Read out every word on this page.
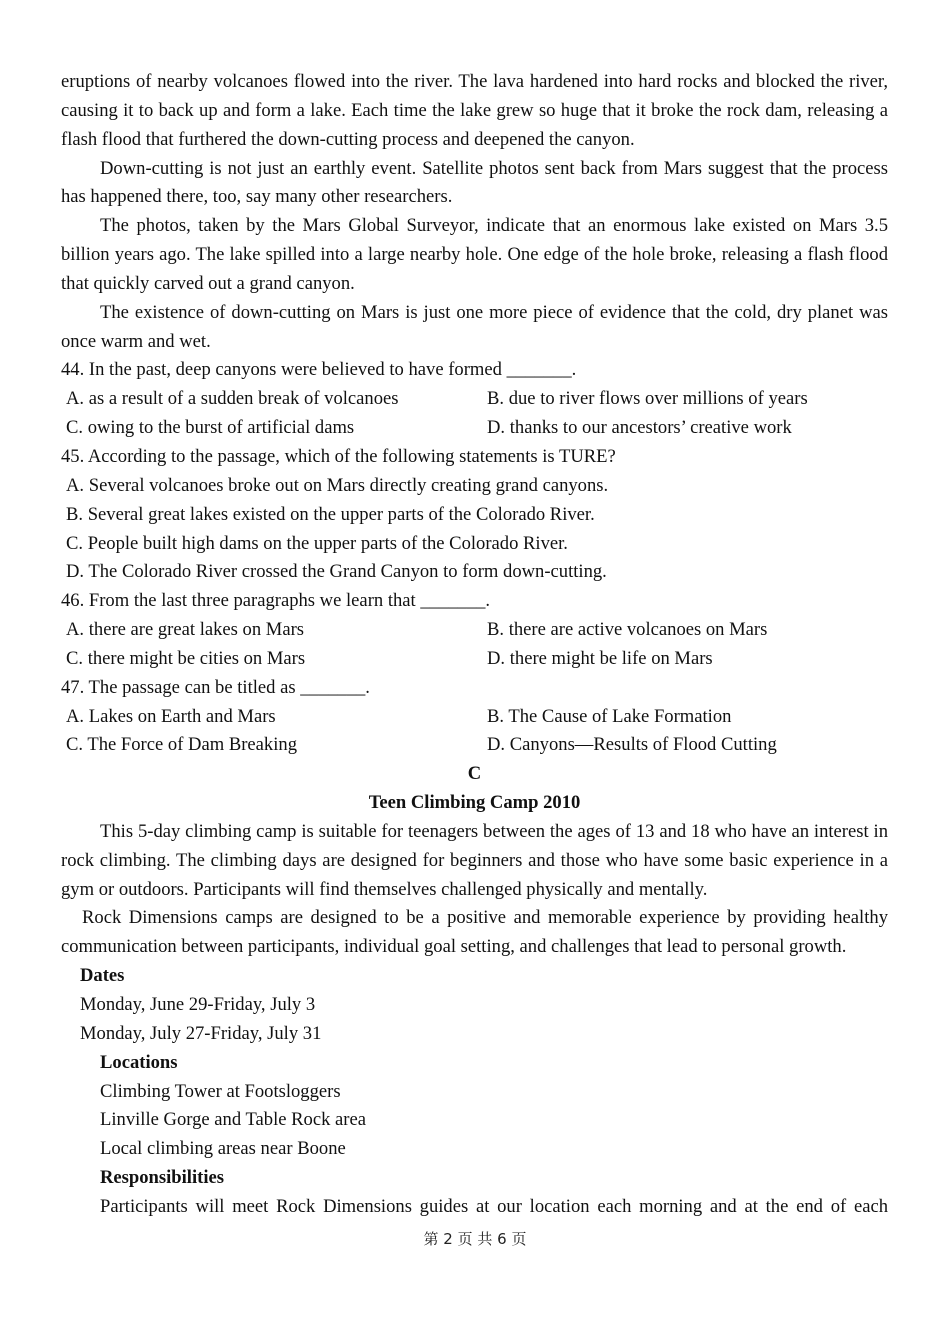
eruptions of nearby volcanoes flowed into the river. The lava hardened into hard rocks and blocked the river, causing it to back up and form a lake. Each time the lake grew so huge that it broke the rock dam, releasing a flash flood that furthered the down-cutting process and deepened the canyon.

Down-cutting is not just an earthly event. Satellite photos sent back from Mars suggest that the process has happened there, too, say many other researchers.

The photos, taken by the Mars Global Surveyor, indicate that an enormous lake existed on Mars 3.5 billion years ago. The lake spilled into a large nearby hole. One edge of the hole broke, releasing a flash flood that quickly carved out a grand canyon.

The existence of down-cutting on Mars is just one more piece of evidence that the cold, dry planet was once warm and wet.

44. In the past, deep canyons were believed to have formed _______.

A. as a result of a sudden break of volcanoes	B. due to river flows over millions of years
C. owing to the burst of artificial dams	D. thanks to our ancestors’ creative work

45. According to the passage, which of the following statements is TURE?

A. Several volcanoes broke out on Mars directly creating grand canyons.

B. Several great lakes existed on the upper parts of the Colorado River.

C. People built high dams on the upper parts of the Colorado River.

D. The Colorado River crossed the Grand Canyon to form down-cutting.

46. From the last three paragraphs we learn that _______.

A. there are great lakes on Mars	B. there are active volcanoes on Mars
C. there might be cities on Mars	D. there might be life on Mars

47. The passage can be titled as _______.

A. Lakes on Earth and Mars	B. The Cause of Lake Formation
C. The Force of Dam Breaking	D. Canyons—Results of Flood Cutting

C

Teen Climbing Camp 2010

This 5-day climbing camp is suitable for teenagers between the ages of 13 and 18 who have an interest in rock climbing. The climbing days are designed for beginners and those who have some basic experience in a gym or outdoors. Participants will find themselves challenged physically and mentally.

Rock Dimensions camps are designed to be a positive and memorable experience by providing healthy communication between participants, individual goal setting, and challenges that lead to personal growth.

Dates

Monday, June 29-Friday, July 3

Monday, July 27-Friday, July 31

Locations

Climbing Tower at Footsloggers

Linville Gorge and Table Rock area

Local climbing areas near Boone

Responsibilities

Participants will meet Rock Dimensions guides at our location each morning and at the end of each

第 2 页 共 6 页
